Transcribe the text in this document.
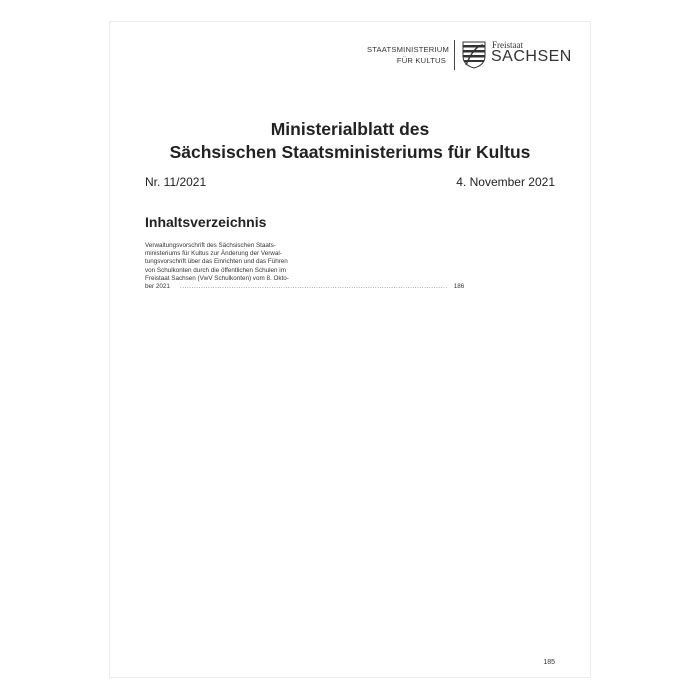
STAATSMINISTERIUM
FÜR KULTUS
Freistaat
SACHSEN
Ministerialblatt des
Sächsischen Staatsministeriums für Kultus
Nr. 11/2021	4. November 2021
Inhaltsverzeichnis
Verwaltungsvorschrift des Sächsischen Staats-
ministeriums für Kultus zur Änderung der Verwal-
tungsvorschrift über das Einrichten und das Führen
von Schulkonten durch die öffentlichen Schulen im
Freistaat Sachsen (VwV Schulkonten) vom 8. Okto-
ber 2021 .................................................................................................................. 186
185
